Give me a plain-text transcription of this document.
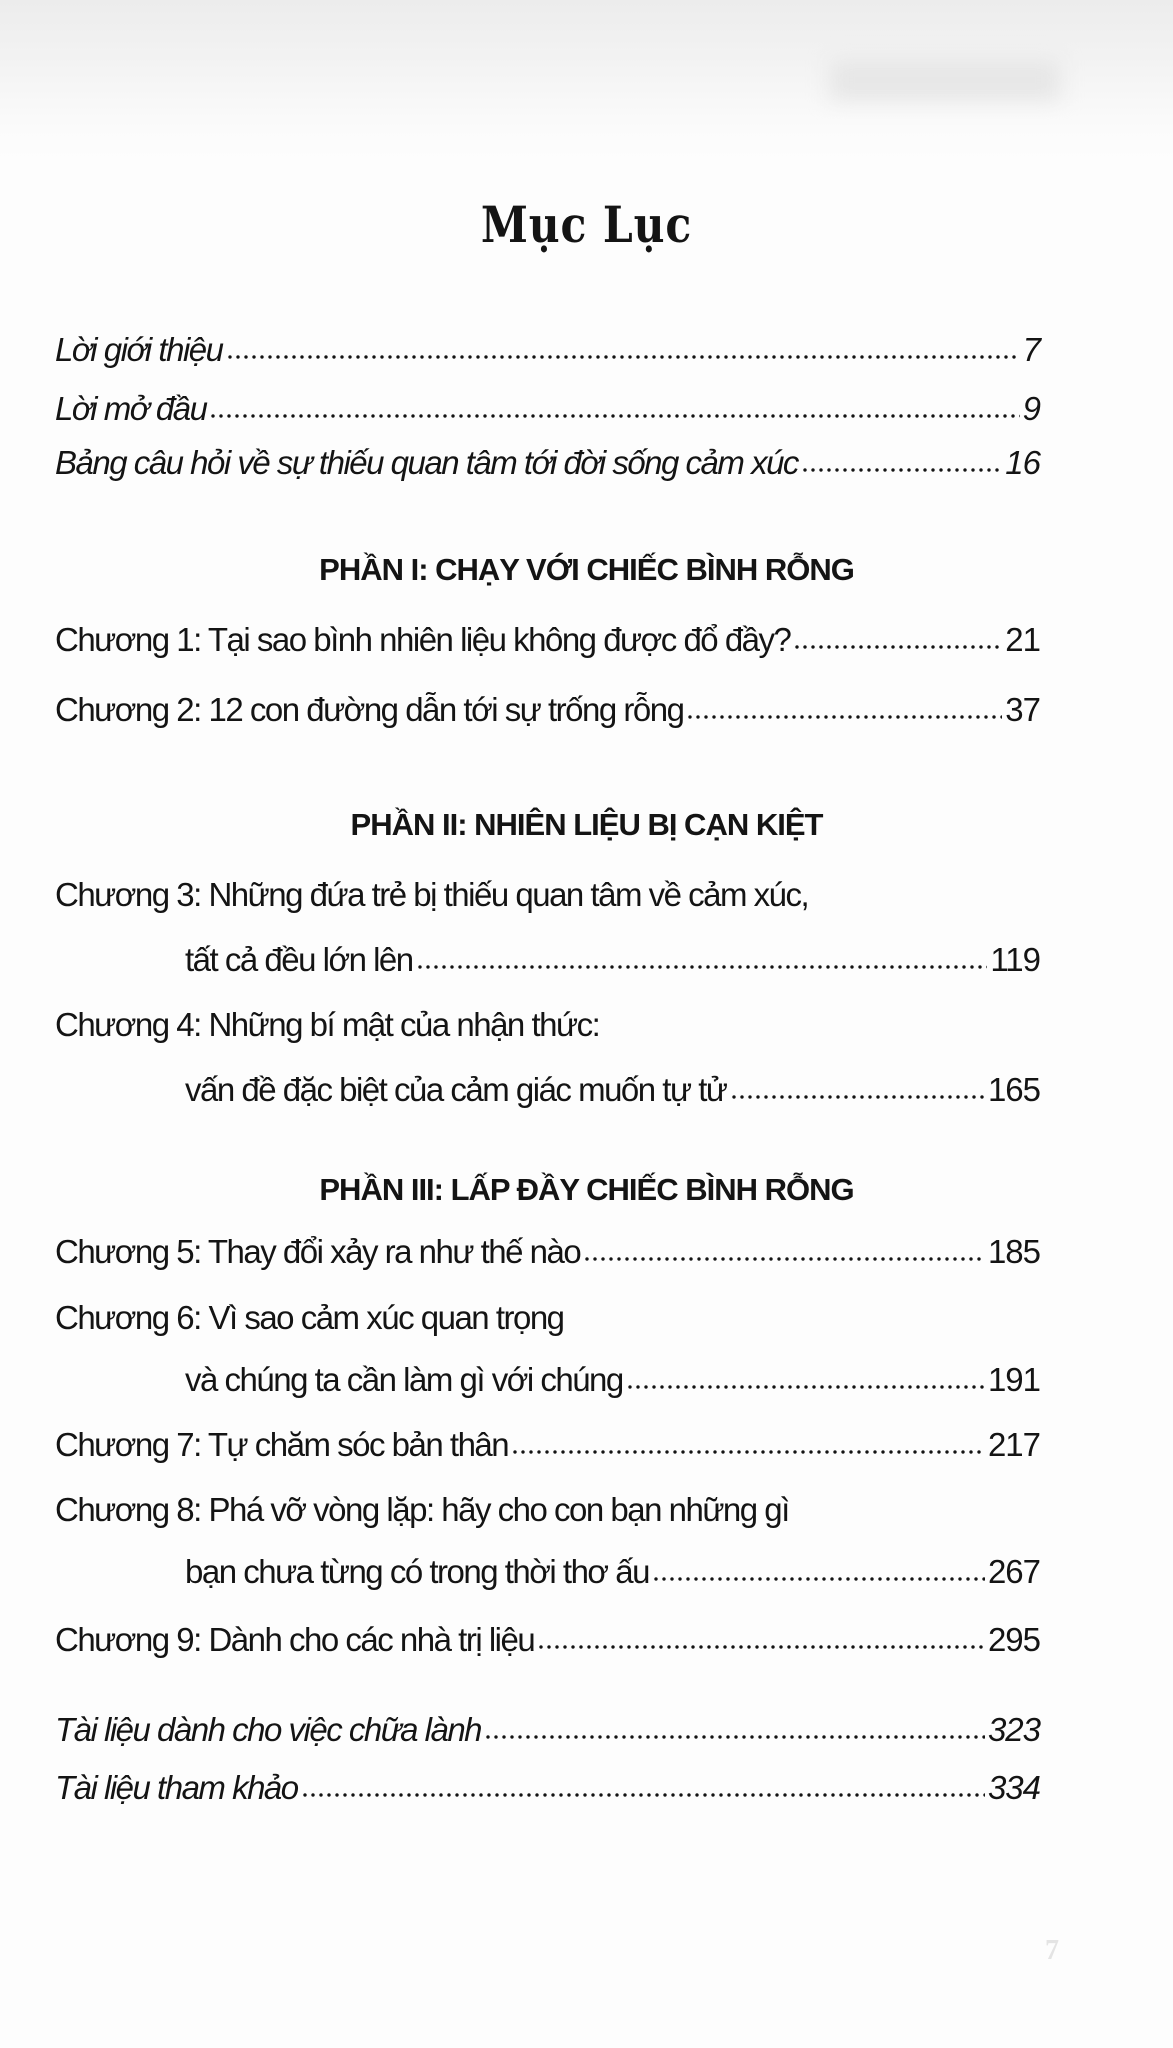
7
Mục Lục
Lời giới thiệu	7
Lời mở đầu	9
Bảng câu hỏi về sự thiếu quan tâm tới đời sống cảm xúc	16
PHẦN I: CHẠY VỚI CHIẾC BÌNH RỖNG
Chương 1: Tại sao bình nhiên liệu không được đổ đầy?	21
Chương 2: 12 con đường dẫn tới sự trống rỗng	37
PHẦN II: NHIÊN LIỆU BỊ CẠN KIỆT
Chương 3: Những đứa trẻ bị thiếu quan tâm về cảm xúc,
tất cả đều lớn lên	119
Chương 4: Những bí mật của nhận thức:
vấn đề đặc biệt của cảm giác muốn tự tử	165
PHẦN III: LẤP ĐẦY CHIẾC BÌNH RỖNG
Chương 5: Thay đổi xảy ra như thế nào	185
Chương 6: Vì sao cảm xúc quan trọng
và chúng ta cần làm gì với chúng	191
Chương 7: Tự chăm sóc bản thân	217
Chương 8: Phá vỡ vòng lặp: hãy cho con bạn những gì
bạn chưa từng có trong thời thơ ấu	267
Chương 9: Dành cho các nhà trị liệu	295
Tài liệu dành cho việc chữa lành	323
Tài liệu tham khảo	334
